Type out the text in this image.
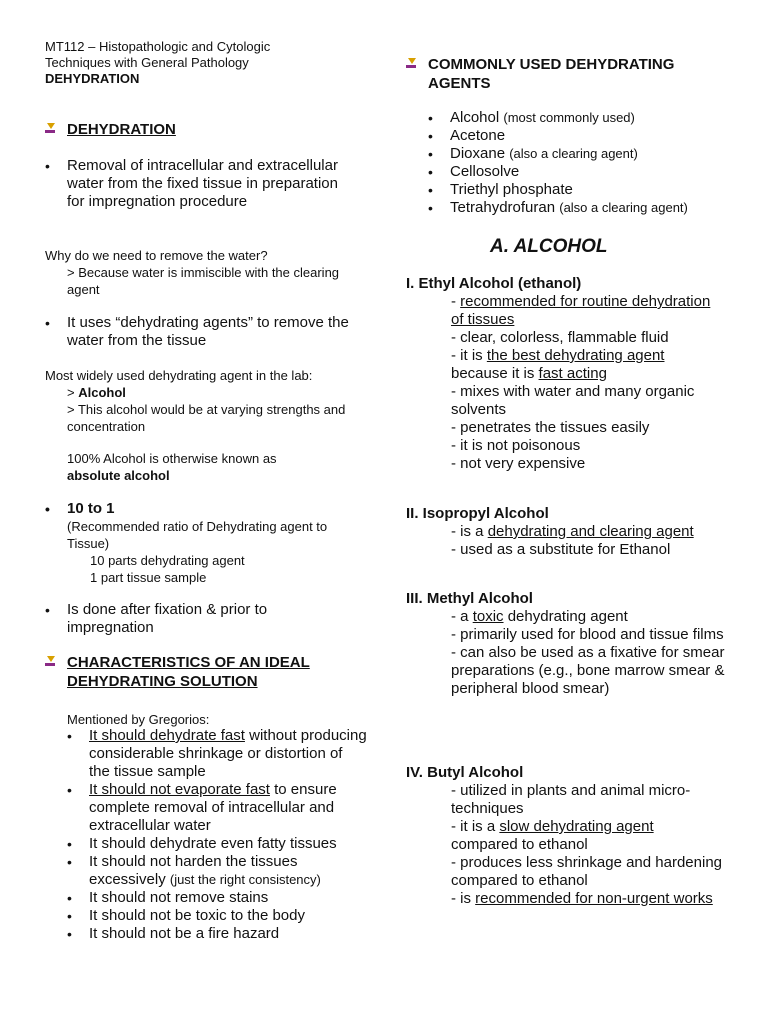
MT112 – Histopathologic and Cytologic
Techniques with General Pathology
DEHYDRATION
DEHYDRATION
•	Removal of intracellular and extracellular water from the fixed tissue in preparation for impregnation procedure
Why do we need to remove the water?
> Because water is immiscible with the clearing agent
•	It uses “dehydrating agents” to remove the water from the tissue
Most widely used dehydrating agent in the lab:
> Alcohol
> This alcohol would be at varying strengths and concentration
100% Alcohol is otherwise known as
absolute alcohol
•	10 to 1
(Recommended ratio of Dehydrating agent to Tissue)
10 parts dehydrating agent
1 part tissue sample
•	Is done after fixation & prior to impregnation
CHARACTERISTICS OF AN IDEAL
DEHYDRATING SOLUTION
Mentioned by Gregorios:
•	It should dehydrate fast without producing considerable shrinkage or distortion of the tissue sample
•	It should not evaporate fast to ensure complete removal of intracellular and extracellular water
•	It should dehydrate even fatty tissues
•	It should not harden the tissues excessively (just the right consistency)
•	It should not remove stains
•	It should not be toxic to the body
•	It should not be a fire hazard
COMMONLY USED DEHYDRATING
AGENTS
•	Alcohol (most commonly used)
•	Acetone
•	Dioxane (also a clearing agent)
•	Cellosolve
•	Triethyl phosphate
•	Tetrahydrofuran (also a clearing agent)
A. ALCOHOL
I. Ethyl Alcohol (ethanol)
- recommended for routine dehydration of tissues
- clear, colorless, flammable fluid
- it is the best dehydrating agent
because it is fast acting
- mixes with water and many organic solvents
- penetrates the tissues easily
- it is not poisonous
- not very expensive
II. Isopropyl Alcohol
- is a dehydrating and clearing agent
- used as a substitute for Ethanol
III. Methyl Alcohol
- a toxic dehydrating agent
- primarily used for blood and tissue films
- can also be used as a fixative for smear preparations (e.g., bone marrow smear & peripheral blood smear)
IV. Butyl Alcohol
- utilized in plants and animal micro-techniques
- it is a slow dehydrating agent
compared to ethanol
- produces less shrinkage and hardening compared to ethanol
- is recommended for non-urgent works
